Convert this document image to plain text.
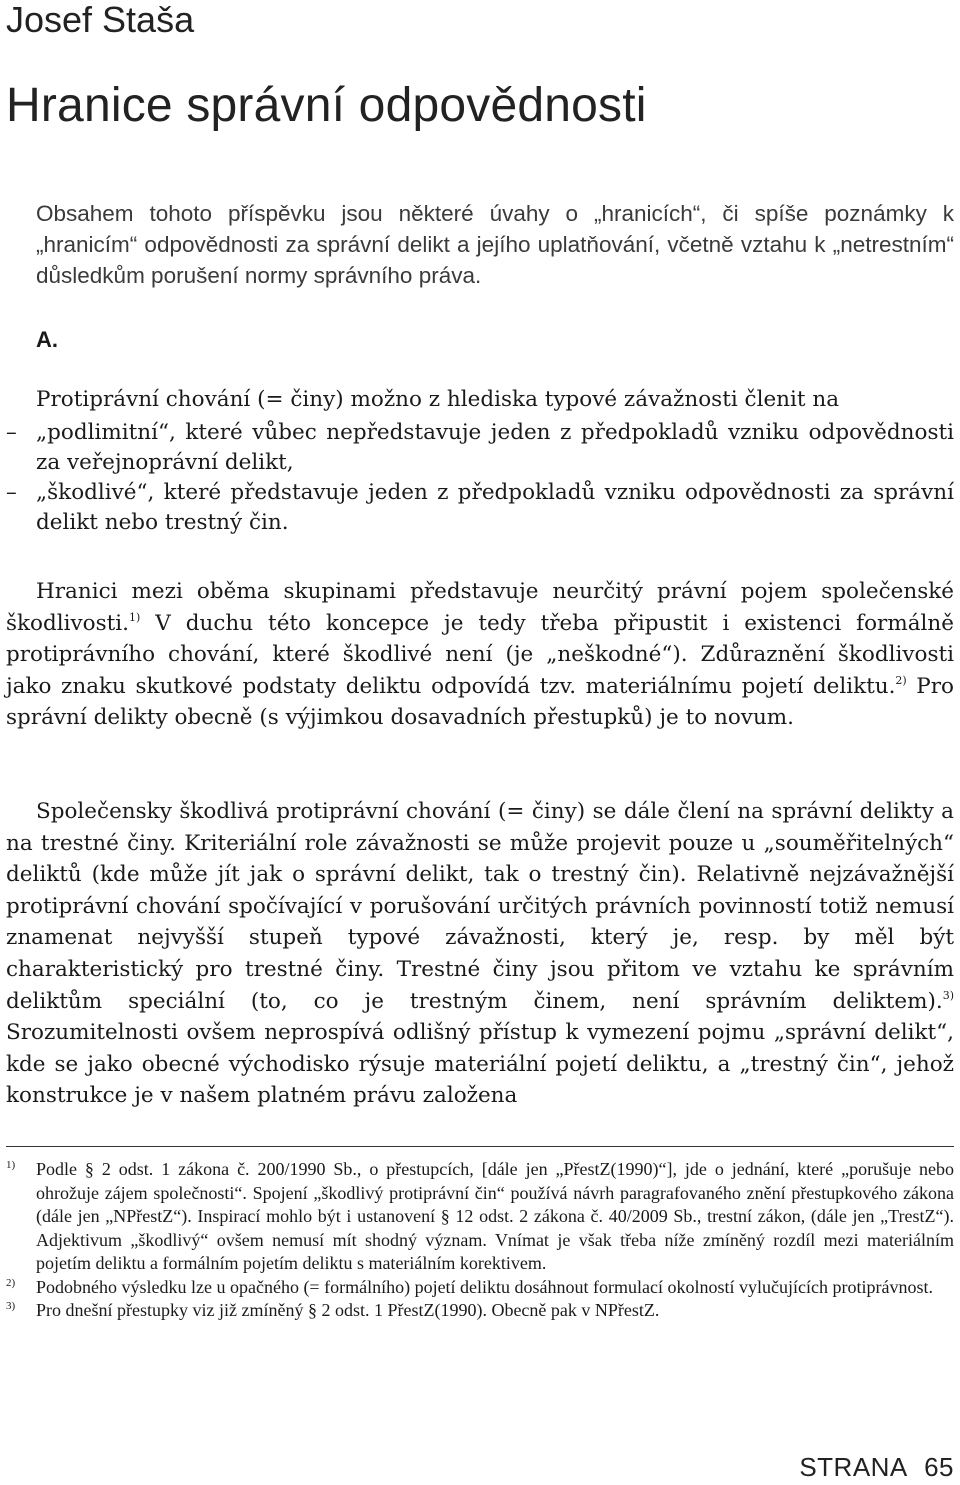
Josef Staša
Hranice správní odpovědnosti

Obsahem tohoto příspěvku jsou některé úvahy o „hranicích“, či spíše poznámky k „hranicím“ odpovědnosti za správní delikt a jejího uplatňování, včetně vztahu k „netrestním“ důsledkům porušení normy správního práva.

A.

Protiprávní chování (= činy) možno z hlediska typové závažnosti členit na

– „podlimitní“, které vůbec nepředstavuje jeden z předpokladů vzniku odpovědnosti za veřejnoprávní delikt,
– „škodlivé“, které představuje jeden z předpokladů vzniku odpovědnosti za správní delikt nebo trestný čin.

Hranici mezi oběma skupinami představuje neurčitý právní pojem společenské škodlivosti.$^{1)}$ V duchu této koncepce je tedy třeba připustit i existenci formálně protiprávního chování, které škodlivé není (je „neškodné“). Zdůraznění škodlivosti jako znaku skutkové podstaty deliktu odpovídá tzv. materiálnímu pojetí deliktu.$^{2)}$ Pro správní delikty obecně (s výjimkou dosavadních přestupků) je to novum.

Společensky škodlivá protiprávní chování (= činy) se dále člení na správní delikty a na trestné činy. Kriteriální role závažnosti se může projevit pouze u „souměřitelných“ deliktů (kde může jít jak o správní delikt, tak o trestný čin). Relativně nejzávažnější protiprávní chování spočívající v porušování určitých právních povinností totiž nemusí znamenat nejvyšší stupeň typové závažnosti, který je, resp. by měl být charakteristický pro trestné činy. Trestné činy jsou přitom ve vztahu ke správním deliktům speciální (to, co je trestným činem, není správním deliktem).$^{3)}$ Srozumitelnosti ovšem neprospívá odlišný přístup k vymezení pojmu „správní delikt“, kde se jako obecné východisko rýsuje materiální pojetí deliktu, a „trestný čin“, jehož konstrukce je v našem platném právu založena

1) Podle § 2 odst. 1 zákona č. 200/1990 Sb., o přestupcích, [dále jen „PřestZ(1990)“], jde o jednání, které „porušuje nebo ohrožuje zájem společnosti“. Spojení „škodlivý protiprávní čin“ používá návrh paragrafovaného znění přestupkového zákona (dále jen „NPřestZ“). Inspirací mohlo být i ustanovení § 12 odst. 2 zákona č. 40/2009 Sb., trestní zákon, (dále jen „TrestZ“). Adjektivum „škodlivý“ ovšem nemusí mít shodný význam. Vnímat je však třeba níže zmíněný rozdíl mezi materiálním pojetím deliktu a formálním pojetím deliktu s materiálním korektivem.
2) Podobného výsledku lze u opačného (= formálního) pojetí deliktu dosáhnout formulací okolností vylučujících protiprávnost.
3) Pro dnešní přestupky viz již zmíněný § 2 odst. 1 PřestZ(1990). Obecně pak v NPřestZ.
STRANA 65
